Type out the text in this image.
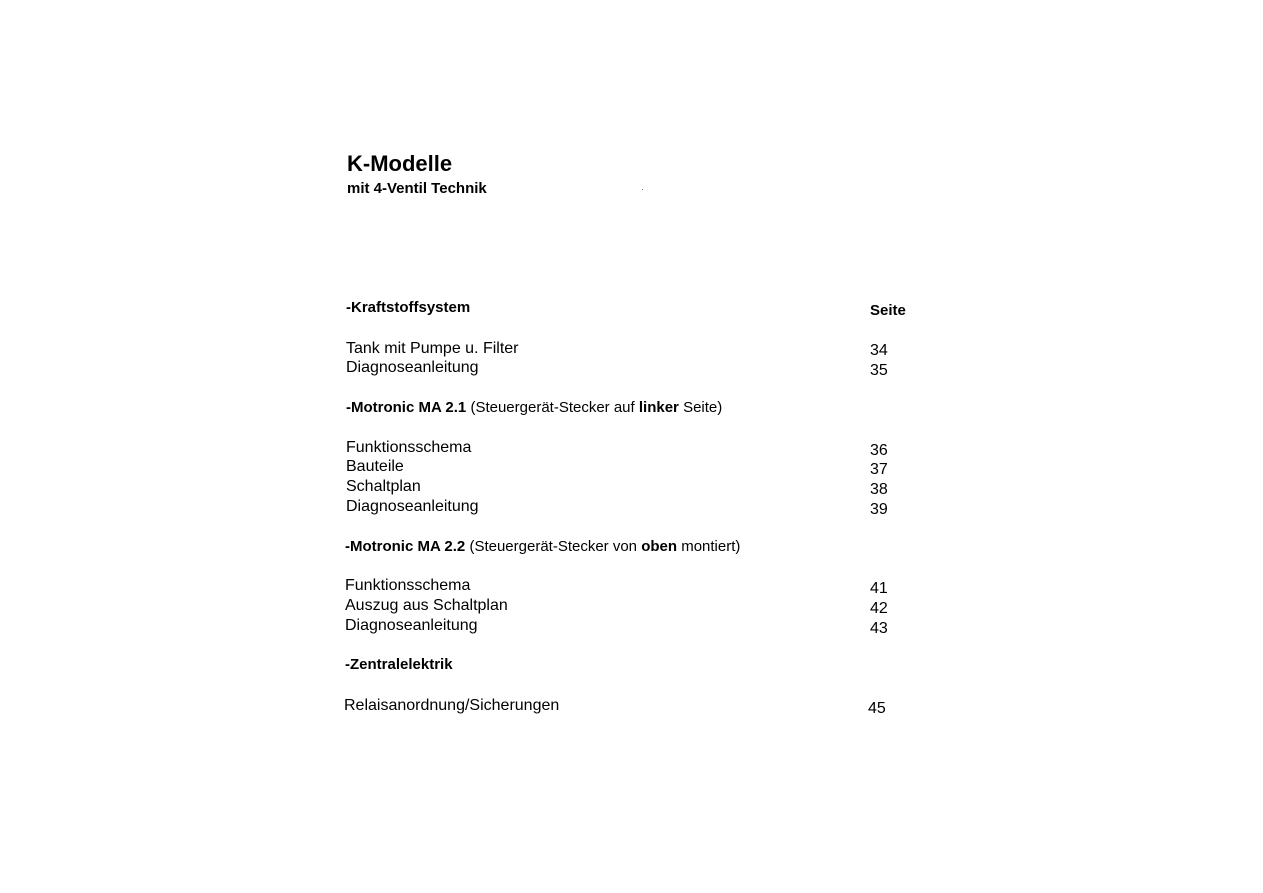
K-Modelle
mit 4-Ventil Technik
Seite
-Kraftstoffsystem
Tank mit Pumpe u. Filter	34
Diagnoseanleitung	35
-Motronic MA 2.1 (Steuergerät-Stecker auf linker Seite)
Funktionsschema	36
Bauteile	37
Schaltplan	38
Diagnoseanleitung	39
-Motronic MA 2.2 (Steuergerät-Stecker von oben montiert)
Funktionsschema	41
Auszug aus Schaltplan	42
Diagnoseanleitung	43
-Zentralelektrik
Relaisanordnung/Sicherungen	45
